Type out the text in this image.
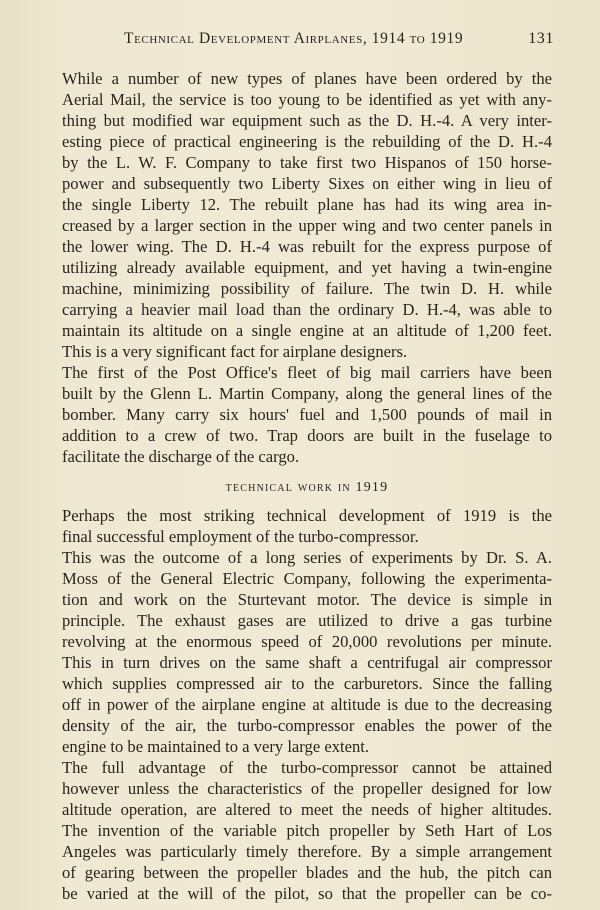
Technical Development Airplanes, 1914 to 1919	131
While a number of new types of planes have been ordered by the
Aerial Mail, the service is too young to be identified as yet with any-
thing but modified war equipment such as the D. H.-4. A very inter-
esting piece of practical engineering is the rebuilding of the D. H.-4
by the L. W. F. Company to take first two Hispanos of 150 horse-
power and subsequently two Liberty Sixes on either wing in lieu of
the single Liberty 12. The rebuilt plane has had its wing area in-
creased by a larger section in the upper wing and two center panels in
the lower wing. The D. H.-4 was rebuilt for the express purpose of
utilizing already available equipment, and yet having a twin-engine
machine, minimizing possibility of failure. The twin D. H. while
carrying a heavier mail load than the ordinary D. H.-4, was able to
maintain its altitude on a single engine at an altitude of 1,200 feet.
This is a very significant fact for airplane designers.
The first of the Post Office's fleet of big mail carriers have been
built by the Glenn L. Martin Company, along the general lines of the
bomber. Many carry six hours' fuel and 1,500 pounds of mail in
addition to a crew of two. Trap doors are built in the fuselage to
facilitate the discharge of the cargo.
technical work in 1919
Perhaps the most striking technical development of 1919 is the
final successful employment of the turbo-compressor.
This was the outcome of a long series of experiments by Dr. S. A.
Moss of the General Electric Company, following the experimenta-
tion and work on the Sturtevant motor. The device is simple in
principle. The exhaust gases are utilized to drive a gas turbine
revolving at the enormous speed of 20,000 revolutions per minute.
This in turn drives on the same shaft a centrifugal air compressor
which supplies compressed air to the carburetors. Since the falling
off in power of the airplane engine at altitude is due to the decreasing
density of the air, the turbo-compressor enables the power of the
engine to be maintained to a very large extent.
The full advantage of the turbo-compressor cannot be attained
however unless the characteristics of the propeller designed for low
altitude operation, are altered to meet the needs of higher altitudes.
The invention of the variable pitch propeller by Seth Hart of Los
Angeles was particularly timely therefore. By a simple arrangement
of gearing between the propeller blades and the hub, the pitch can
be varied at the will of the pilot, so that the propeller can be co-
